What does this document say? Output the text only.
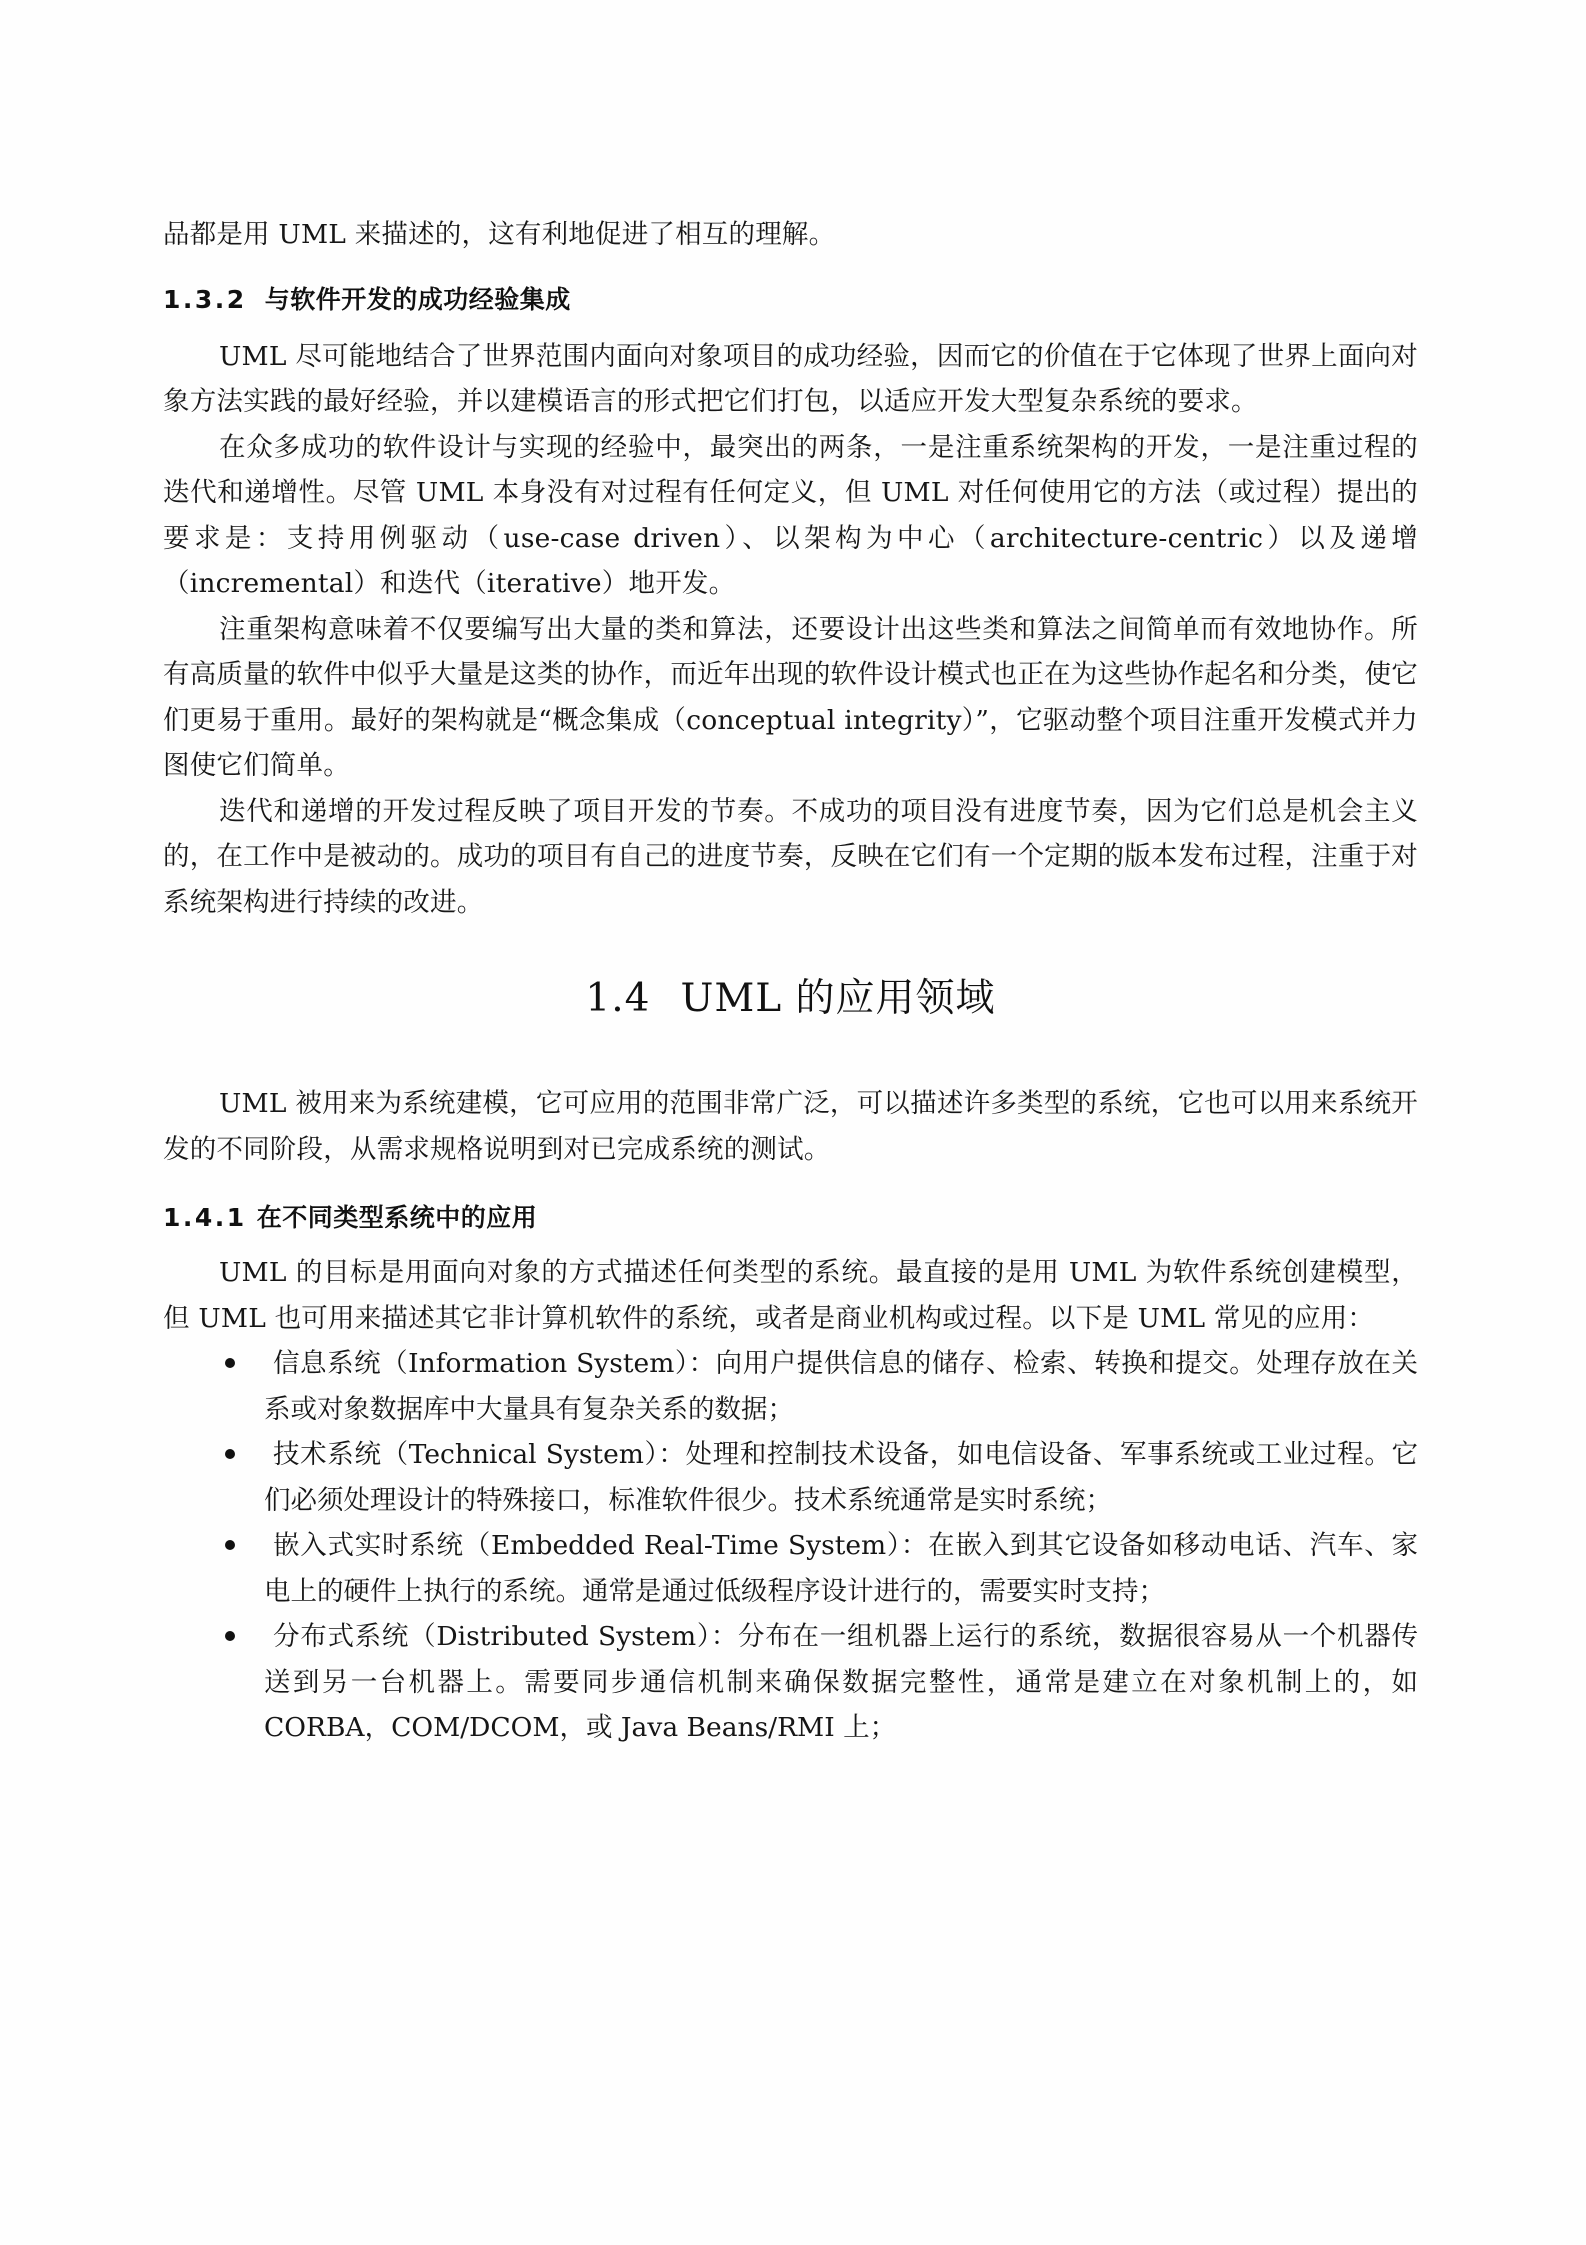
品都是用 UML 来描述的，这有利地促进了相互的理解。

1.3.2 与软件开发的成功经验集成

UML 尽可能地结合了世界范围内面向对象项目的成功经验，因而它的价值在于它体现了世界上面向对象方法实践的最好经验，并以建模语言的形式把它们打包，以适应开发大型复杂系统的要求。

在众多成功的软件设计与实现的经验中，最突出的两条，一是注重系统架构的开发，一是注重过程的迭代和递增性。尽管 UML 本身没有对过程有任何定义，但 UML 对任何使用它的方法（或过程）提出的要求是：支持用例驱动（use-case driven）、以架构为中心（architecture-centric）以及递增（incremental）和迭代（iterative）地开发。

注重架构意味着不仅要编写出大量的类和算法，还要设计出这些类和算法之间简单而有效地协作。所有高质量的软件中似乎大量是这类的协作，而近年出现的软件设计模式也正在为这些协作起名和分类，使它们更易于重用。最好的架构就是“概念集成（conceptual integrity）”，它驱动整个项目注重开发模式并力图使它们简单。

迭代和递增的开发过程反映了项目开发的节奏。不成功的项目没有进度节奏，因为它们总是机会主义的，在工作中是被动的。成功的项目有自己的进度节奏，反映在它们有一个定期的版本发布过程，注重于对系统架构进行持续的改进。

1.4 UML 的应用领域

UML 被用来为系统建模，它可应用的范围非常广泛，可以描述许多类型的系统，它也可以用来系统开发的不同阶段，从需求规格说明到对已完成系统的测试。

1.4.1 在不同类型系统中的应用

UML 的目标是用面向对象的方式描述任何类型的系统。最直接的是用 UML 为软件系统创建模型，但 UML 也可用来描述其它非计算机软件的系统，或者是商业机构或过程。以下是 UML 常见的应用：

信息系统（Information System）：向用户提供信息的储存、检索、转换和提交。处理存放在关系或对象数据库中大量具有复杂关系的数据；
技术系统（Technical System）：处理和控制技术设备，如电信设备、军事系统或工业过程。它们必须处理设计的特殊接口，标准软件很少。技术系统通常是实时系统；
嵌入式实时系统（Embedded Real-Time System）：在嵌入到其它设备如移动电话、汽车、家电上的硬件上执行的系统。通常是通过低级程序设计进行的，需要实时支持；
分布式系统（Distributed System）：分布在一组机器上运行的系统，数据很容易从一个机器传送到另一台机器上。需要同步通信机制来确保数据完整性，通常是建立在对象机制上的，如 CORBA，COM/DCOM，或 Java Beans/RMI 上；
